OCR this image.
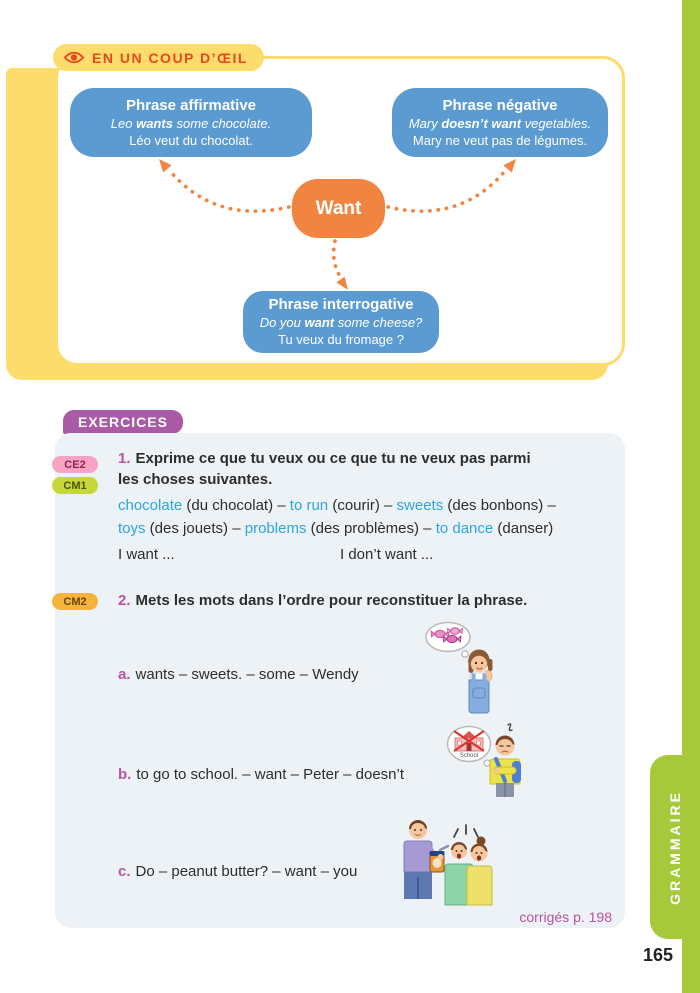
EN UN COUP D’ŒIL
Phrase affirmative
Leo wants some chocolate.
Léo veut du chocolat.
Phrase négative
Mary doesn’t want vegetables.
Mary ne veut pas de légumes.
Want
Phrase interrogative
Do you want some cheese?
Tu veux du fromage ?
EXERCICES
CE2
CM1
CM2
1. Exprime ce que tu veux ou ce que tu ne veux pas parmi
les choses suivantes.
chocolate (du chocolat) – to run (courir) – sweets (des bonbons) –
toys (des jouets) – problems (des problèmes) – to dance (danser)
I want ...	I don’t want ...
2. Mets les mots dans l’ordre pour reconstituer la phrase.
a. wants – sweets. – some – Wendy
b. to go to school. – want – Peter – doesn’t
c. Do – peanut butter? – want – you
School
corrigés p. 198
GRAMMAIRE
165
